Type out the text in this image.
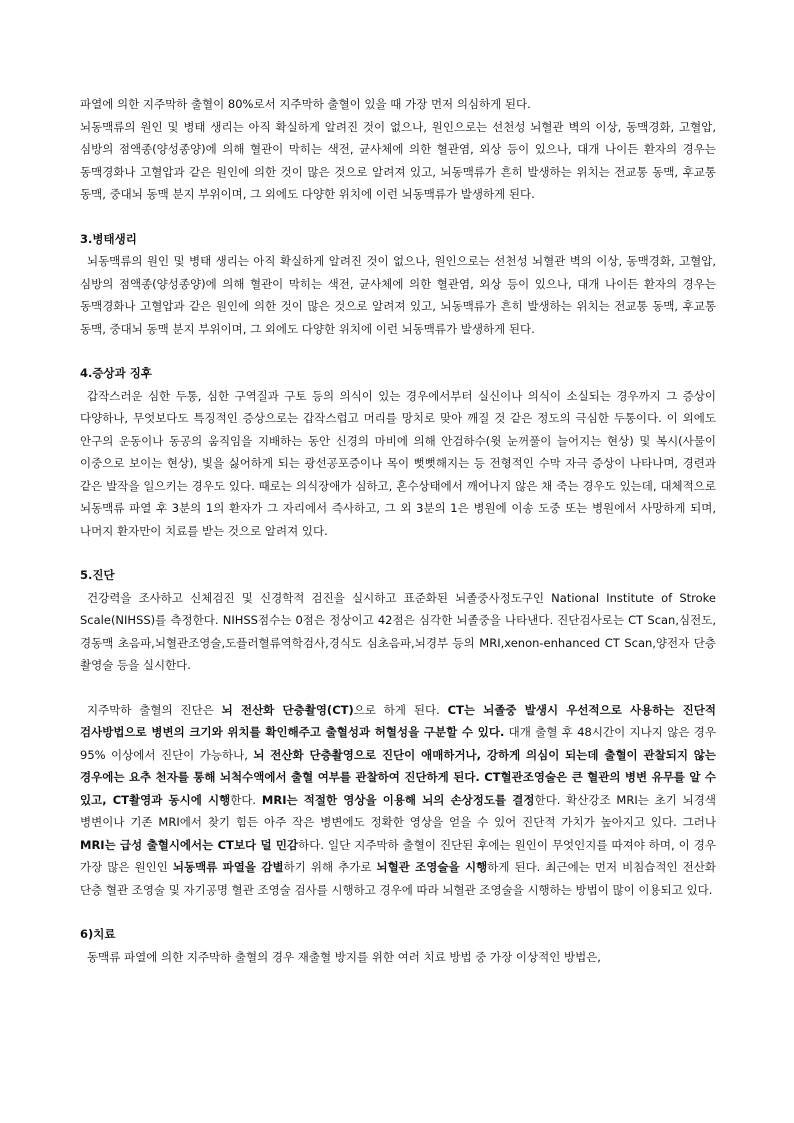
파열에 의한 지주막하 출혈이 80%로서 지주막하 출혈이 있을 때 가장 먼저 의심하게 된다.

뇌동맥류의 원인 및 병태 생리는 아직 확실하게 알려진 것이 없으나, 원인으로는 선천성 뇌혈관 벽의 이상, 동맥경화, 고혈압, 심방의 점액종(양성종양)에 의해 혈관이 막히는 색전, 균사체에 의한 혈관염, 외상 등이 있으나, 대개 나이든 환자의 경우는 동맥경화나 고혈압과 같은 원인에 의한 것이 많은 것으로 알려져 있고, 뇌동맥류가 흔히 발생하는 위치는 전교통 동맥, 후교통 동맥, 중대뇌 동맥 분지 부위이며, 그 외에도 다양한 위치에 이런 뇌동맥류가 발생하게 된다.

3.병태생리

뇌동맥류의 원인 및 병태 생리는 아직 확실하게 알려진 것이 없으나, 원인으로는 선천성 뇌혈관 벽의 이상, 동맥경화, 고혈압, 심방의 점액종(양성종양)에 의해 혈관이 막히는 색전, 균사체에 의한 혈관염, 외상 등이 있으나, 대개 나이든 환자의 경우는 동맥경화나 고혈압과 같은 원인에 의한 것이 많은 것으로 알려져 있고, 뇌동맥류가 흔히 발생하는 위치는 전교통 동맥, 후교통 동맥, 중대뇌 동맥 분지 부위이며, 그 외에도 다양한 위치에 이런 뇌동맥류가 발생하게 된다.

4.증상과 징후

갑작스러운 심한 두통, 심한 구역질과 구토 등의 의식이 있는 경우에서부터 실신이나 의식이 소실되는 경우까지 그 증상이 다양하나, 무엇보다도 특징적인 증상으로는 갑작스럽고 머리를 망치로 맞아 깨질 것 같은 정도의 극심한 두통이다. 이 외에도 안구의 운동이나 동공의 움직임을 지배하는 동안 신경의 마비에 의해 안검하수(윗 눈꺼풀이 늘어지는 현상) 및 복시(사물이 이중으로 보이는 현상), 빛을 싫어하게 되는 광선공포증이나 목이 뻣뻣해지는 등 전형적인 수막 자극 증상이 나타나며, 경련과 같은 발작을 일으키는 경우도 있다. 때로는 의식장애가 심하고, 혼수상태에서 깨어나지 않은 채 죽는 경우도 있는데, 대체적으로 뇌동맥류 파열 후 3분의 1의 환자가 그 자리에서 즉사하고, 그 외 3분의 1은 병원에 이송 도중 또는 병원에서 사망하게 되며, 나머지 환자만이 치료를 받는 것으로 알려져 있다.

5.진단

건강력을 조사하고 신체검진 및 신경학적 검진을 실시하고 표준화된 뇌졸중사정도구인 National Institute of Stroke Scale(NIHSS)를 측정한다. NIHSS점수는 0점은 정상이고 42점은 심각한 뇌졸중을 나타낸다. 진단검사로는 CT Scan,심전도,경동맥 초음파,뇌혈관조영술,도플러혈류역학검사,경식도 심초음파,뇌경부 등의 MRI,xenon-enhanced CT Scan,양전자 단층 촬영술 등을 실시한다.

지주막하 출혈의 진단은 뇌 전산화 단층촬영(CT)으로 하게 된다. CT는 뇌졸중 발생시 우선적으로 사용하는 진단적 검사방법으로 병변의 크기와 위치를 확인해주고 출혈성과 허혈성을 구분할 수 있다. 대개 출혈 후 48시간이 지나지 않은 경우 95% 이상에서 진단이 가능하나, 뇌 전산화 단층촬영으로 진단이 애매하거나, 강하게 의심이 되는데 출혈이 관찰되지 않는 경우에는 요추 천자를 통해 뇌척수액에서 출혈 여부를 관찰하여 진단하게 된다. CT혈관조영술은 큰 혈관의 병변 유무를 알 수 있고, CT촬영과 동시에 시행한다. MRI는 적절한 영상을 이용해 뇌의 손상정도를 결정한다. 확산강조 MRI는 초기 뇌경색 병변이나 기존 MRI에서 찾기 힘든 아주 작은 병변에도 정확한 영상을 얻을 수 있어 진단적 가치가 높아지고 있다. 그러나 MRI는 급성 출혈시에서는 CT보다 덜 민감하다. 일단 지주막하 출혈이 진단된 후에는 원인이 무엇인지를 따져야 하며, 이 경우 가장 많은 원인인 뇌동맥류 파열을 감별하기 위해 추가로 뇌혈관 조영술을 시행하게 된다. 최근에는 먼저 비침습적인 전산화 단층 혈관 조영술 및 자기공명 혈관 조영술 검사를 시행하고 경우에 따라 뇌혈관 조영술을 시행하는 방법이 많이 이용되고 있다.

6)치료

동맥류 파열에 의한 지주막하 출혈의 경우 재출혈 방지를 위한 여러 치료 방법 중 가장 이상적인 방법은,
